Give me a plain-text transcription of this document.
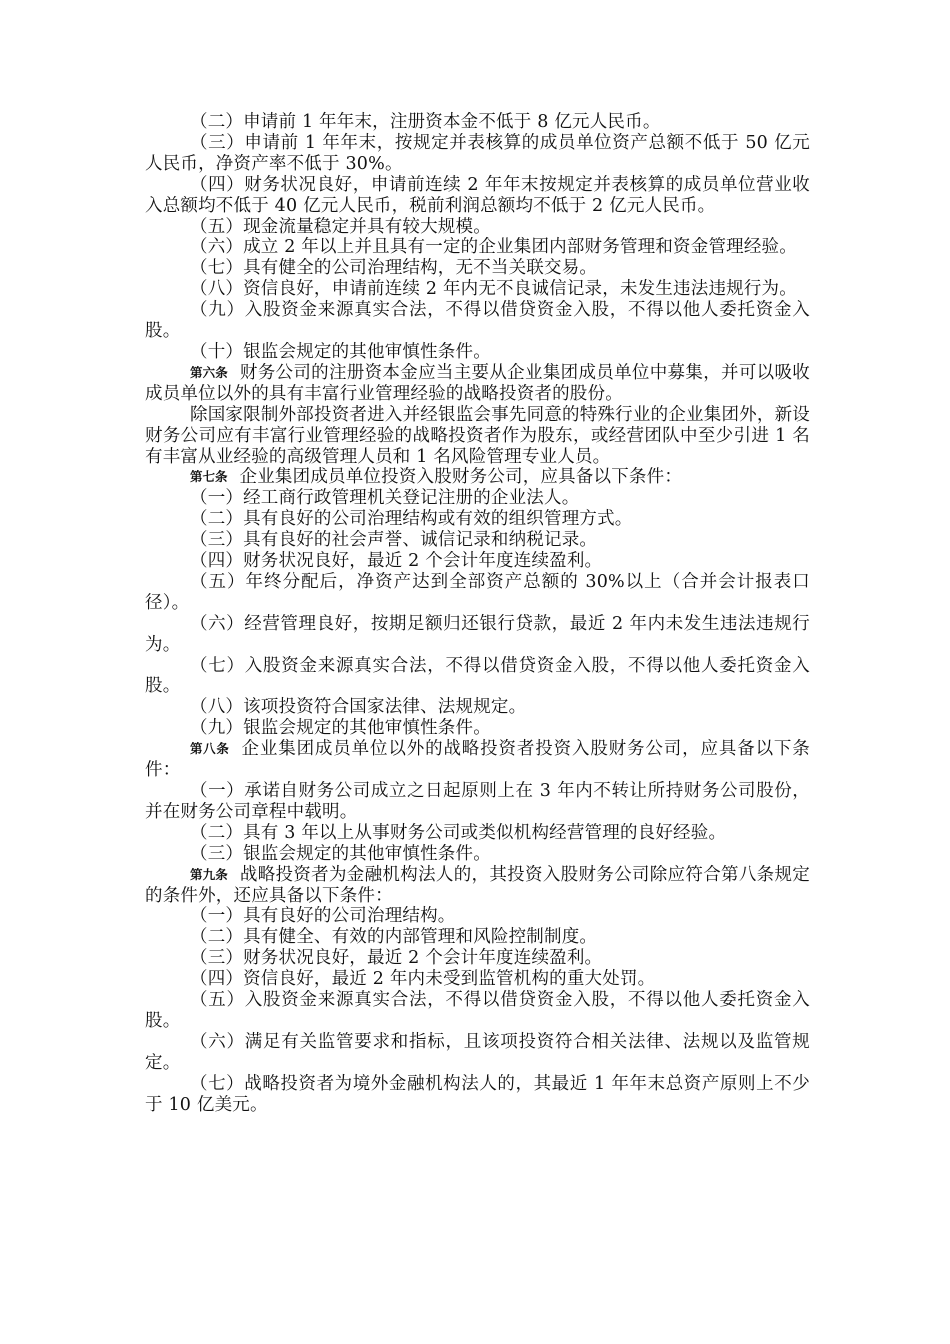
（二）申请前 1 年年末，注册资本金不低于 8 亿元人民币。

（三）申请前 1 年年末，按规定并表核算的成员单位资产总额不低于 50 亿元人民币，净资产率不低于 30%。

（四）财务状况良好，申请前连续 2 年年末按规定并表核算的成员单位营业收入总额均不低于 40 亿元人民币，税前利润总额均不低于 2 亿元人民币。

（五）现金流量稳定并具有较大规模。

（六）成立 2 年以上并且具有一定的企业集团内部财务管理和资金管理经验。

（七）具有健全的公司治理结构，无不当关联交易。

（八）资信良好，申请前连续 2 年内无不良诚信记录，未发生违法违规行为。

（九）入股资金来源真实合法，不得以借贷资金入股，不得以他人委托资金入股。

（十）银监会规定的其他审慎性条件。

第六条 财务公司的注册资本金应当主要从企业集团成员单位中募集，并可以吸收成员单位以外的具有丰富行业管理经验的战略投资者的股份。

除国家限制外部投资者进入并经银监会事先同意的特殊行业的企业集团外，新设财务公司应有丰富行业管理经验的战略投资者作为股东，或经营团队中至少引进 1 名有丰富从业经验的高级管理人员和 1 名风险管理专业人员。

第七条 企业集团成员单位投资入股财务公司，应具备以下条件：

（一）经工商行政管理机关登记注册的企业法人。

（二）具有良好的公司治理结构或有效的组织管理方式。

（三）具有良好的社会声誉、诚信记录和纳税记录。

（四）财务状况良好，最近 2 个会计年度连续盈利。

（五）年终分配后，净资产达到全部资产总额的 30%以上（合并会计报表口径）。

（六）经营管理良好，按期足额归还银行贷款，最近 2 年内未发生违法违规行为。

（七）入股资金来源真实合法，不得以借贷资金入股，不得以他人委托资金入股。

（八）该项投资符合国家法律、法规规定。

（九）银监会规定的其他审慎性条件。

第八条 企业集团成员单位以外的战略投资者投资入股财务公司，应具备以下条件：

（一）承诺自财务公司成立之日起原则上在 3 年内不转让所持财务公司股份，并在财务公司章程中载明。

（二）具有 3 年以上从事财务公司或类似机构经营管理的良好经验。

（三）银监会规定的其他审慎性条件。

第九条 战略投资者为金融机构法人的，其投资入股财务公司除应符合第八条规定的条件外，还应具备以下条件：

（一）具有良好的公司治理结构。

（二）具有健全、有效的内部管理和风险控制制度。

（三）财务状况良好，最近 2 个会计年度连续盈利。

（四）资信良好，最近 2 年内未受到监管机构的重大处罚。

（五）入股资金来源真实合法，不得以借贷资金入股，不得以他人委托资金入股。

（六）满足有关监管要求和指标，且该项投资符合相关法律、法规以及监管规定。

（七）战略投资者为境外金融机构法人的，其最近 1 年年末总资产原则上不少于 10 亿美元。
